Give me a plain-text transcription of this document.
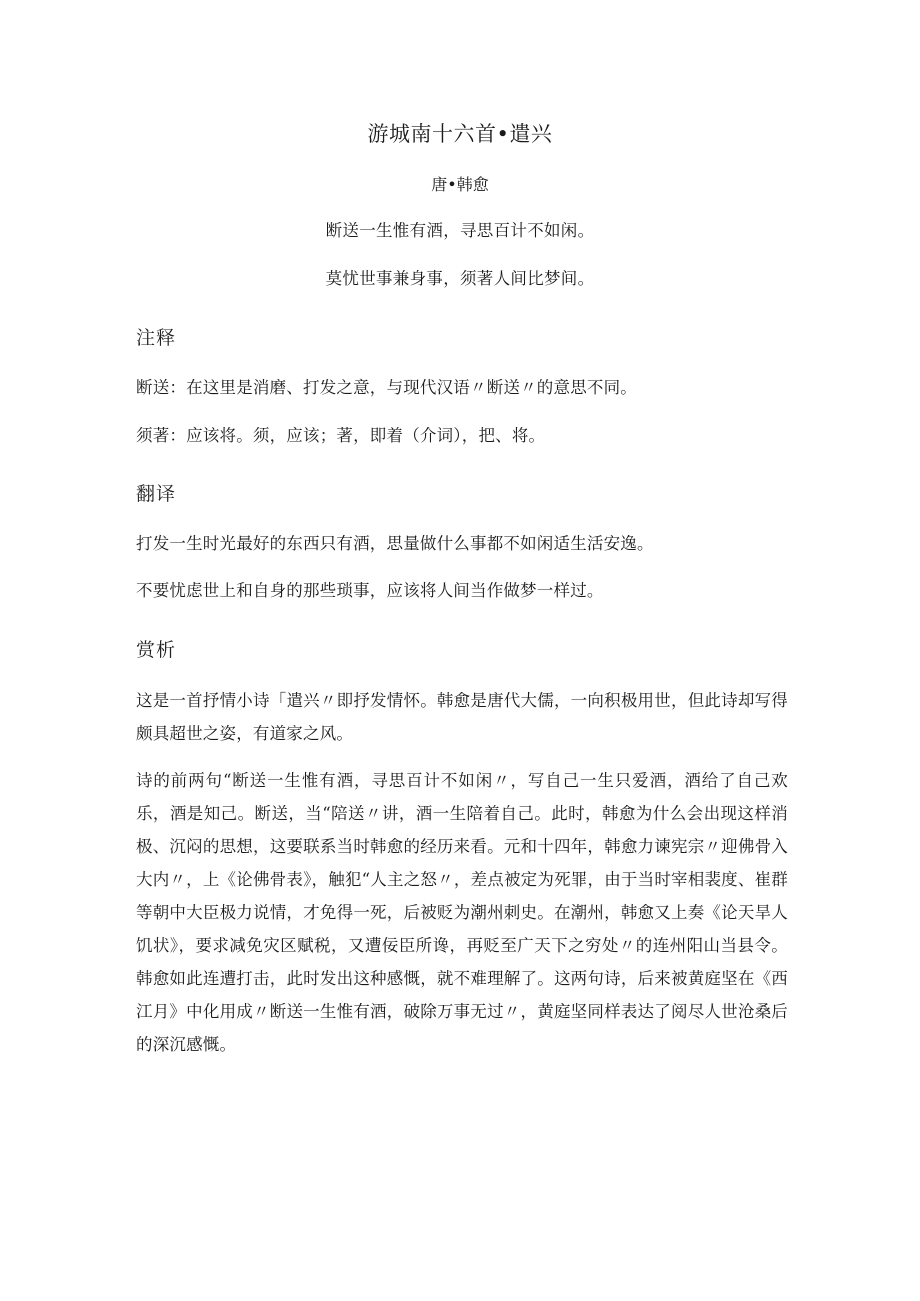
游城南十六首•遣兴
唐•韩愈
断送一生惟有酒，寻思百计不如闲。
莫忧世事兼身事，须著人间比梦间。
注释
断送：在这里是消磨、打发之意，与现代汉语〃断送〃的意思不同。
须著：应该将。须，应该；著，即着（介词），把、将。
翻译
打发一生时光最好的东西只有酒，思量做什么事都不如闲适生活安逸。
不要忧虑世上和自身的那些琐事，应该将人间当作做梦一样过。
赏析
这是一首抒情小诗「遣兴〃即抒发情怀。韩愈是唐代大儒，一向积极用世，但此诗却写得颇具超世之姿，有道家之风。
诗的前两句“断送一生惟有酒，寻思百计不如闲〃，写自己一生只爱酒，酒给了自己欢乐，酒是知己。断送，当“陪送〃讲，酒一生陪着自己。此时，韩愈为什么会出现这样消极、沉闷的思想，这要联系当时韩愈的经历来看。元和十四年，韩愈力谏宪宗〃迎佛骨入大内〃，上《论佛骨表》，触犯“人主之怒〃，差点被定为死罪，由于当时宰相裴度、崔群等朝中大臣极力说情，才免得一死，后被贬为潮州刺史。在潮州，韩愈又上奏《论天旱人饥状》，要求减免灾区赋税，又遭佞臣所谗，再贬至广天下之穷处〃的连州阳山当县令。韩愈如此连遭打击，此时发出这种感慨，就不难理解了。这两句诗，后来被黄庭坚在《西江月》中化用成〃断送一生惟有酒，破除万事无过〃，黄庭坚同样表达了阅尽人世沧桑后的深沉感慨。
